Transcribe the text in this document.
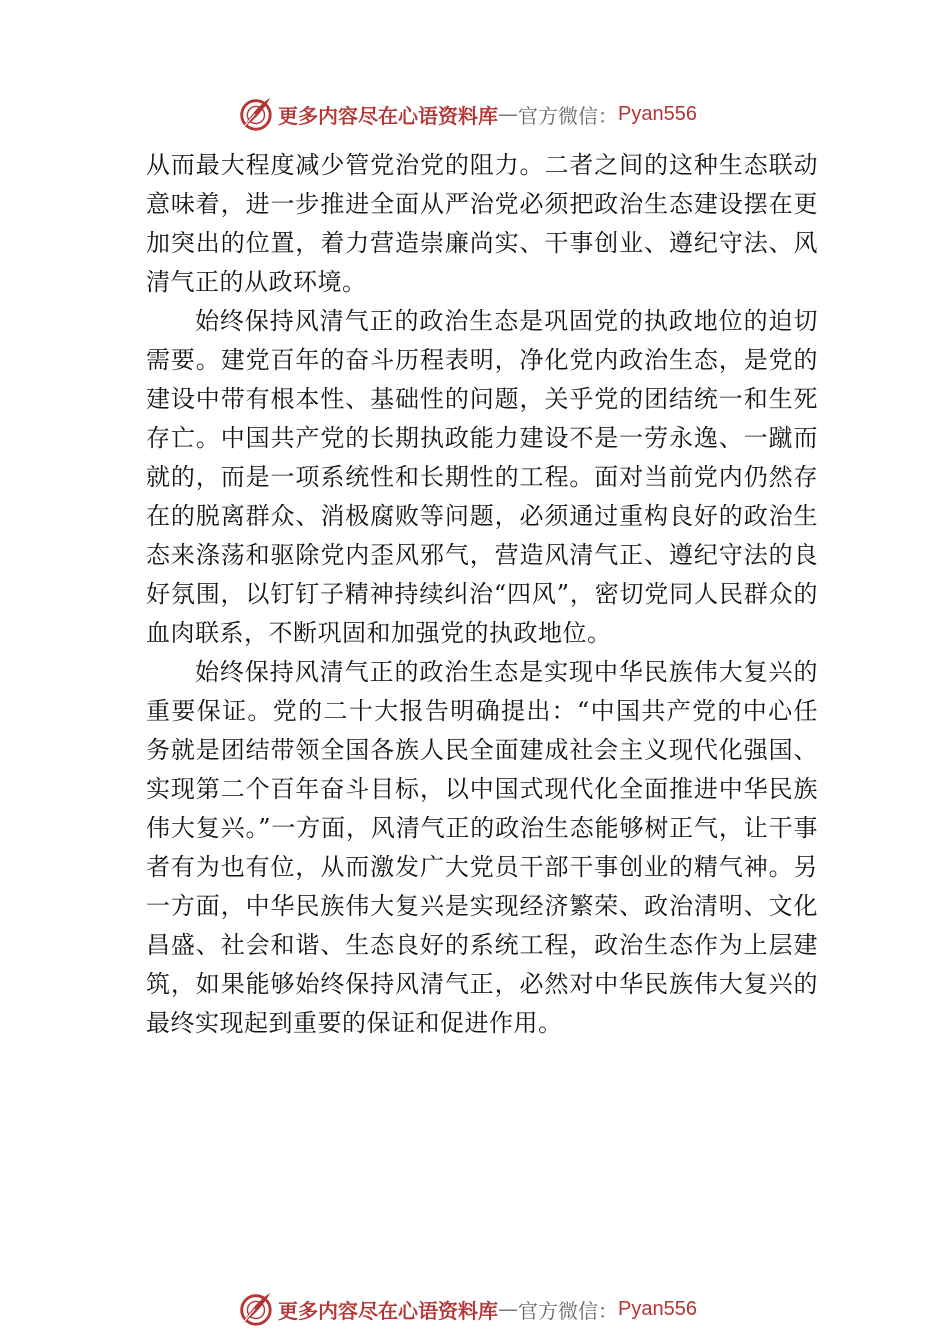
更多内容尽在心语资料库 — 官方微信： Pyan556

从而最大程度减少管党治党的阻力。二者之间的这种生态联动意味着，进一步推进全面从严治党必须把政治生态建设摆在更加突出的位置，着力营造崇廉尚实、干事创业、遵纪守法、风清气正的从政环境。

始终保持风清气正的政治生态是巩固党的执政地位的迫切需要。建党百年的奋斗历程表明，净化党内政治生态，是党的建设中带有根本性、基础性的问题，关乎党的团结统一和生死存亡。中国共产党的长期执政能力建设不是一劳永逸、一蹴而就的，而是一项系统性和长期性的工程。面对当前党内仍然存在的脱离群众、消极腐败等问题，必须通过重构良好的政治生态来涤荡和驱除党内歪风邪气，营造风清气正、遵纪守法的良好氛围，以钉钉子精神持续纠治“四风”，密切党同人民群众的血肉联系，不断巩固和加强党的执政地位。

始终保持风清气正的政治生态是实现中华民族伟大复兴的重要保证。党的二十大报告明确提出：“中国共产党的中心任务就是团结带领全国各族人民全面建成社会主义现代化强国、实现第二个百年奋斗目标，以中国式现代化全面推进中华民族伟大复兴。”一方面，风清气正的政治生态能够树正气，让干事者有为也有位，从而激发广大党员干部干事创业的精气神。另一方面，中华民族伟大复兴是实现经济繁荣、政治清明、文化昌盛、社会和谐、生态良好的系统工程，政治生态作为上层建筑，如果能够始终保持风清气正，必然对中华民族伟大复兴的最终实现起到重要的保证和促进作用。

更多内容尽在心语资料库 — 官方微信： Pyan556
